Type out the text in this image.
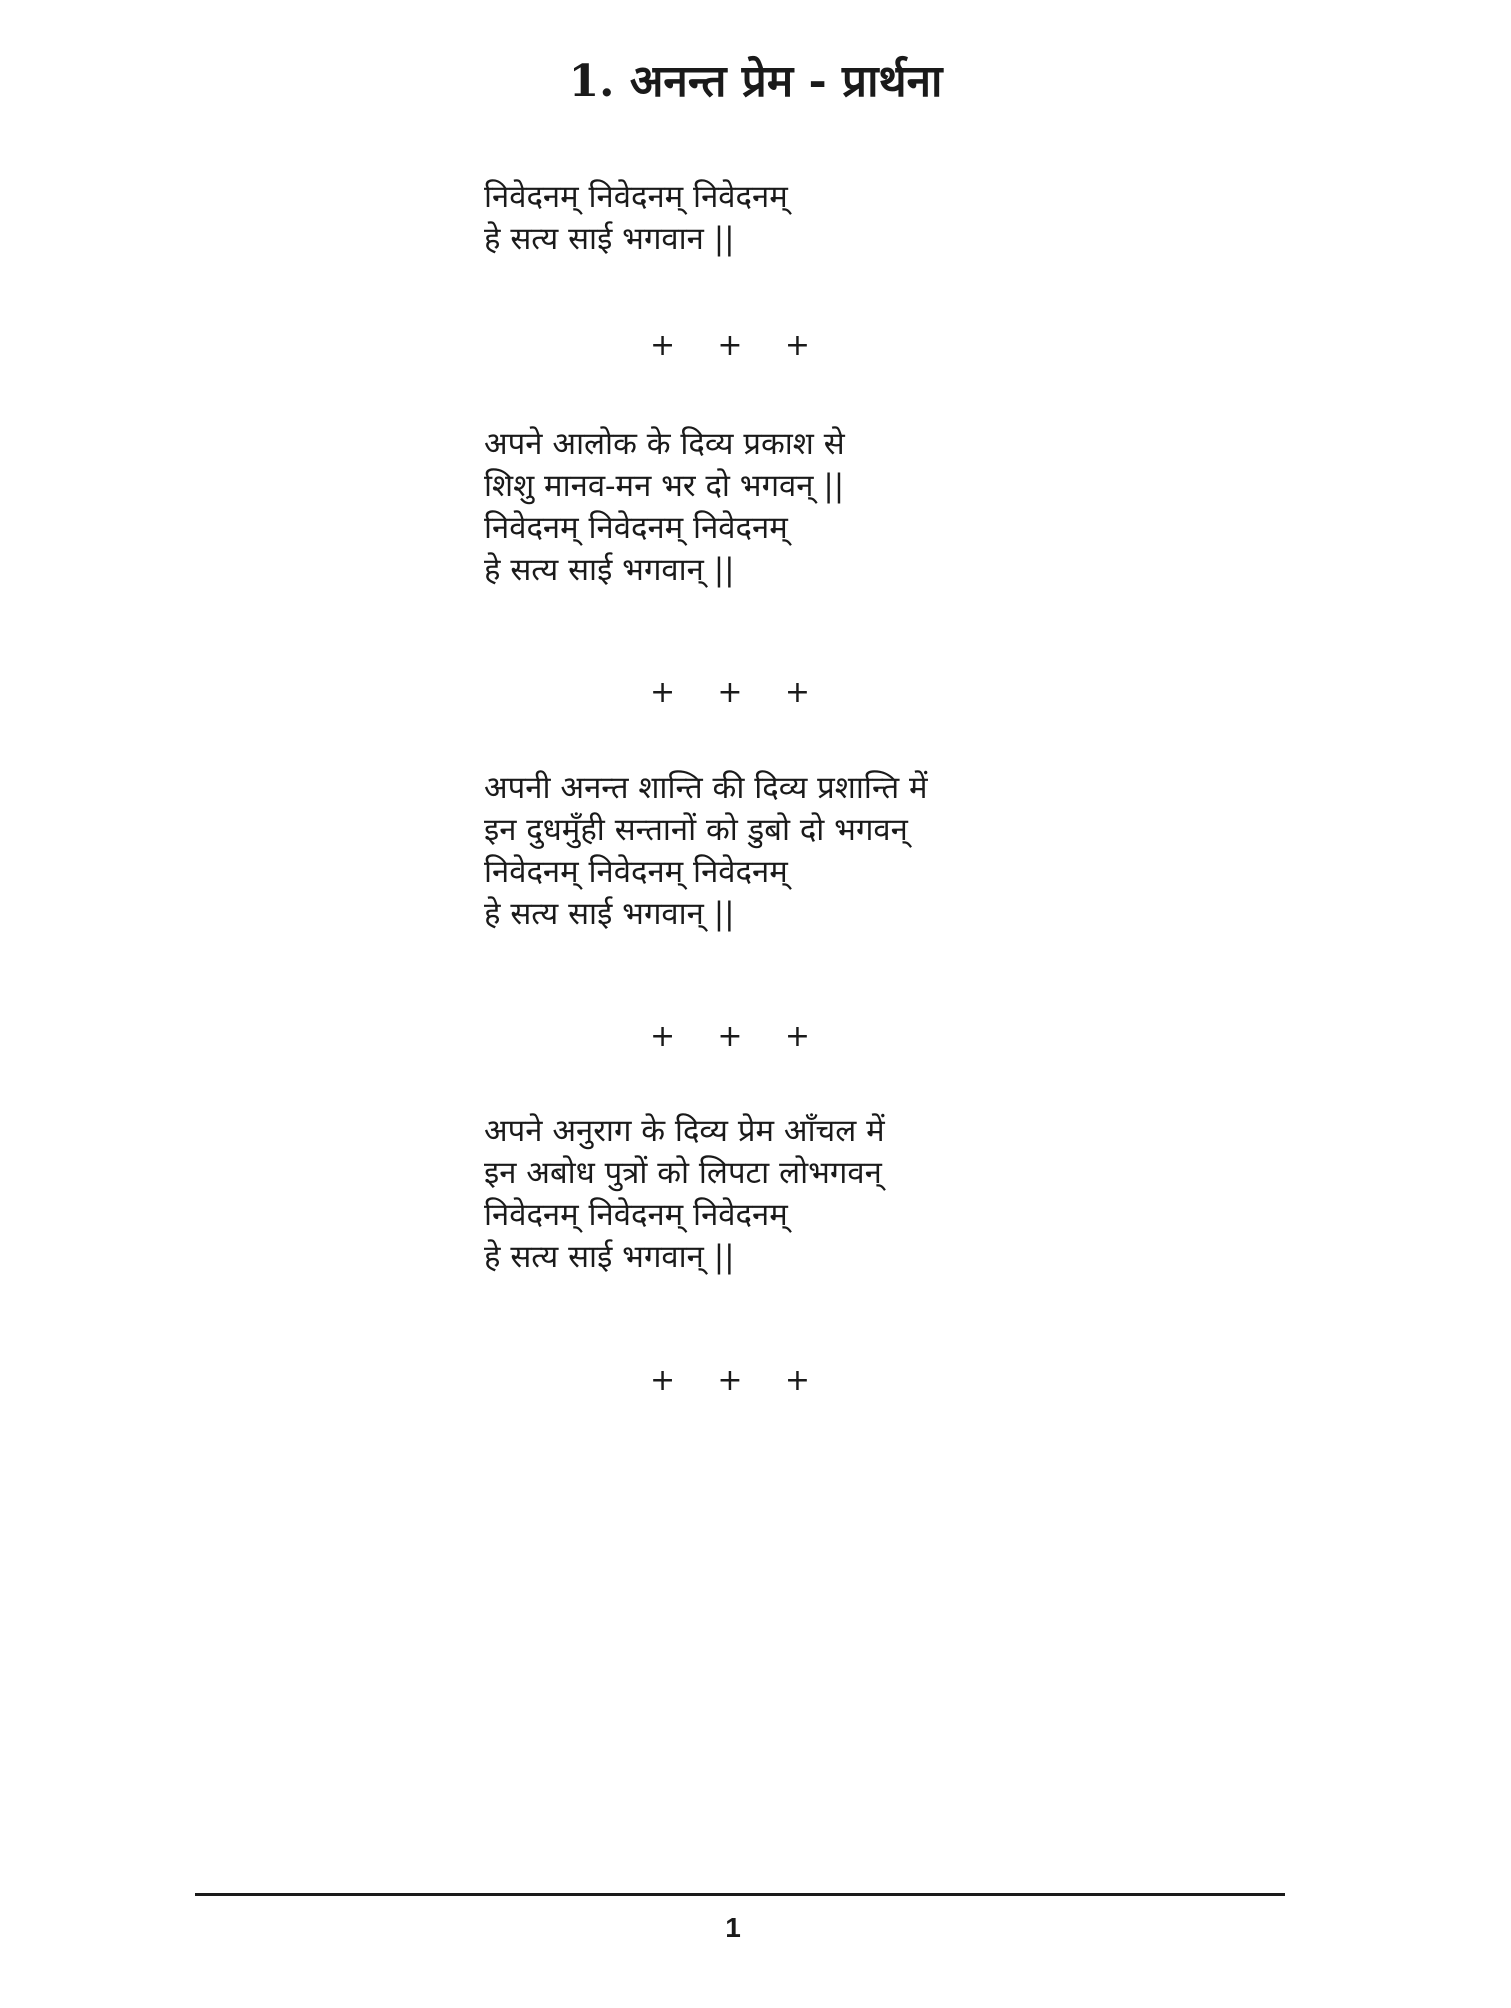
1. अनन्त प्रेम - प्रार्थना
निवेदनम् निवेदनम् निवेदनम्
हे सत्य साई भगवान ||
+ + +
अपने आलोक के दिव्य प्रकाश से
शिशु मानव-मन भर दो भगवन् ||
निवेदनम् निवेदनम् निवेदनम्
हे सत्य साई भगवान् ||
+ + +
अपनी अनन्त शान्ति की दिव्य प्रशान्ति में
इन दुधमुँही सन्तानों को डुबो दो भगवन्
निवेदनम् निवेदनम् निवेदनम्
हे सत्य साई भगवान् ||
+ + +
अपने अनुराग के दिव्य प्रेम आँचल में
इन अबोध पुत्रों को लिपटा लोभगवन्
निवेदनम् निवेदनम् निवेदनम्
हे सत्य साई भगवान् ||
+ + +
1
